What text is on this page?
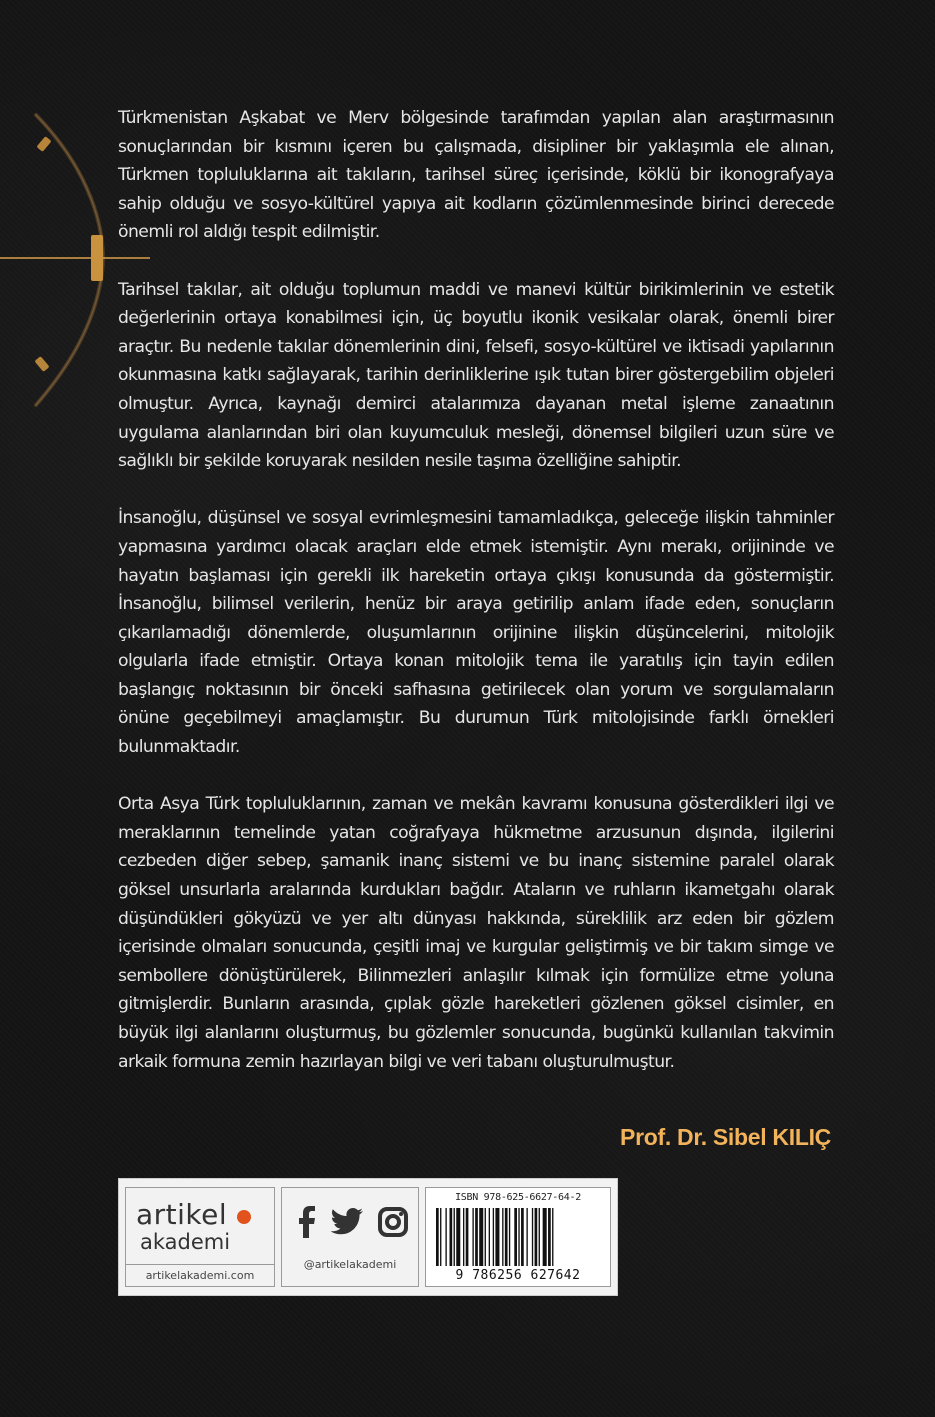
Türkmenistan Aşkabat ve Merv bölgesinde tarafımdan yapılan alan araştırmasının sonuçlarından bir kısmını içeren bu çalışmada, disipliner bir yaklaşımla ele alınan, Türkmen topluluklarına ait takıların, tarihsel süreç içerisinde, köklü bir ikonografyaya sahip olduğu ve sosyo-kültürel yapıya ait kodların çözümlenmesinde birinci derecede önemli rol aldığı tespit edilmiştir.

Tarihsel takılar, ait olduğu toplumun maddi ve manevi kültür birikimlerinin ve estetik değerlerinin ortaya konabilmesi için, üç boyutlu ikonik vesikalar olarak, önemli birer araçtır. Bu nedenle takılar dönemlerinin dini, felsefi, sosyo-kültürel ve iktisadi yapılarının okunmasına katkı sağlayarak, tarihin derinliklerine ışık tutan birer göstergebilim objeleri olmuştur. Ayrıca, kaynağı demirci atalarımıza dayanan metal işleme zanaatının uygulama alanlarından biri olan kuyumculuk mesleği, dönemsel bilgileri uzun süre ve sağlıklı bir şekilde koruyarak nesilden nesile taşıma özelliğine sahiptir.

İnsanoğlu, düşünsel ve sosyal evrimleşmesini tamamladıkça, geleceğe ilişkin tahminler yapmasına yardımcı olacak araçları elde etmek istemiştir. Aynı merakı, orijininde ve hayatın başlaması için gerekli ilk hareketin ortaya çıkışı konusunda da göstermiştir. İnsanoğlu, bilimsel verilerin, henüz bir araya getirilip anlam ifade eden, sonuçların çıkarılamadığı dönemlerde, oluşumlarının orijinine ilişkin düşüncelerini, mitolojik olgularla ifade etmiştir. Ortaya konan mitolojik tema ile yaratılış için tayin edilen başlangıç noktasının bir önceki safhasına getirilecek olan yorum ve sorgulamaların önüne geçebilmeyi amaçlamıştır. Bu durumun Türk mitolojisinde farklı örnekleri bulunmaktadır.

Orta Asya Türk topluluklarının, zaman ve mekân kavramı konusuna gösterdikleri ilgi ve meraklarının temelinde yatan coğrafyaya hükmetme arzusunun dışında, ilgilerini cezbeden diğer sebep, şamanik inanç sistemi ve bu inanç sistemine paralel olarak göksel unsurlarla aralarında kurdukları bağdır. Ataların ve ruhların ikametgahı olarak düşündükleri gökyüzü ve yer altı dünyası hakkında, süreklilik arz eden bir gözlem içerisinde olmaları sonucunda, çeşitli imaj ve kurgular geliştirmiş ve bir takım simge ve sembollere dönüştürülerek, Bilinmezleri anlaşılır kılmak için formülize etme yoluna gitmişlerdir. Bunların arasında, çıplak gözle hareketleri gözlenen göksel cisimler, en büyük ilgi alanlarını oluşturmuş, bu gözlemler sonucunda, bugünkü kullanılan takvimin arkaik formuna zemin hazırlayan bilgi ve veri tabanı oluşturulmuştur.

Prof. Dr. Sibel KILIÇ
artikel
akademi
artikelakademi.com
@artikelakademi
ISBN 978-625-6627-64-2
9 786256 627642
